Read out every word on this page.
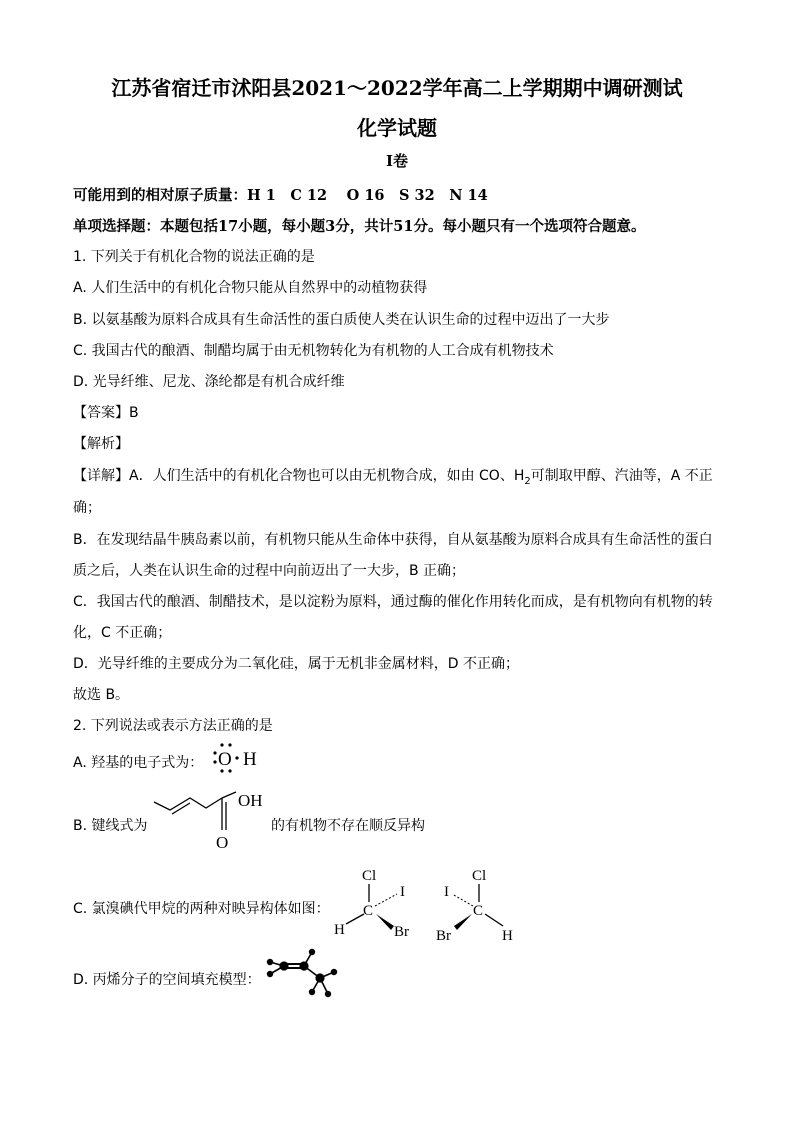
江苏省宿迁市沭阳县2021～2022学年高二上学期期中调研测试
化学试题
I卷
可能用到的相对原子质量：H 1　C 12　 O 16　S 32　N 14
单项选择题：本题包括17小题，每小题3分，共计51分。每小题只有一个选项符合题意。
1. 下列关于有机化合物的说法正确的是
A. 人们生活中的有机化合物只能从自然界中的动植物获得
B. 以氨基酸为原料合成具有生命活性的蛋白质使人类在认识生命的过程中迈出了一大步
C. 我国古代的酿酒、制醋均属于由无机物转化为有机物的人工合成有机物技术
D. 光导纤维、尼龙、涤纶都是有机合成纤维
【答案】B
【解析】
【详解】A．人们生活中的有机化合物也可以由无机物合成，如由 CO、$H_2$可制取甲醇、汽油等，A 不正
确；
B．在发现结晶牛胰岛素以前，有机物只能从生命体中获得，自从氨基酸为原料合成具有生命活性的蛋白
质之后，人类在认识生命的过程中向前迈出了一大步，B 正确；
C．我国古代的酿酒、制醋技术，是以淀粉为原料，通过酶的催化作用转化而成，是有机物向有机物的转
化，C 不正确；
D．光导纤维的主要成分为二氧化硅，属于无机非金属材料，D 不正确；
故选 B。
2. 下列说法或表示方法正确的是
A. 羟基的电子式为： O H
B. 键线式为
OH
O
的有机物不存在顺反异构
C. 氯溴碘代甲烷的两种对映异构体如图：
Cl
I
C
H	Br
Cl
I
C
Br	H
D. 丙烯分子的空间填充模型：
